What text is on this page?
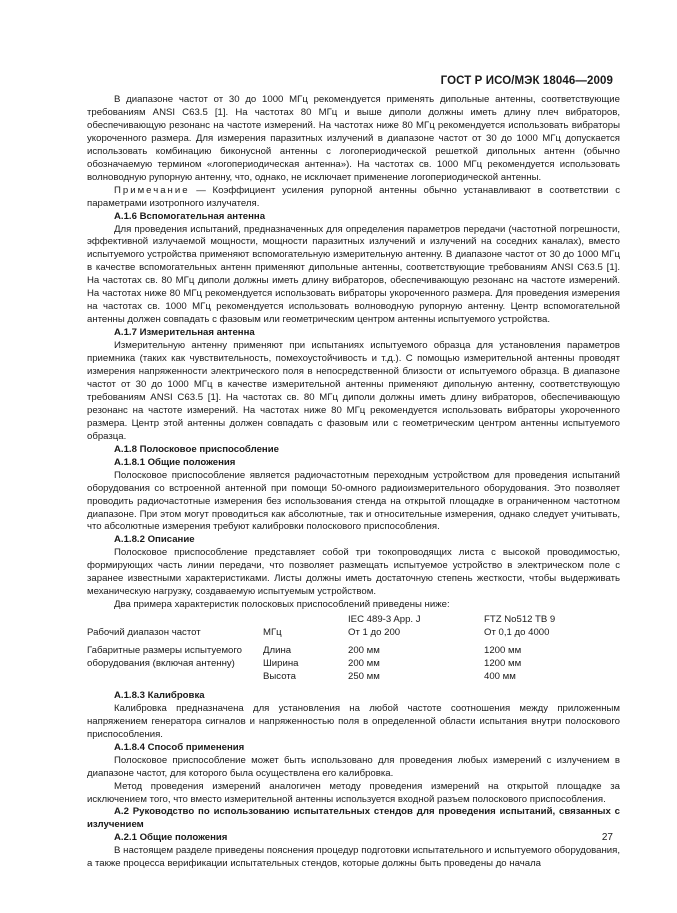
ГОСТ Р ИСО/МЭК 18046—2009

В диапазоне частот от 30 до 1000 МГц рекомендуется применять дипольные антенны, соответствующие требованиям ANSI C63.5 [1]. На частотах 80 МГц и выше диполи должны иметь длину плеч вибраторов, обеспечивающую резонанс на частоте измерений. На частотах ниже 80 МГц рекомендуется использовать вибраторы укороченного размера. Для измерения паразитных излучений в диапазоне частот от 30 до 1000 МГц допускается использовать комбинацию биконусной антенны с логопериодической решеткой дипольных антенн (обычно обозначаемую термином «логопериодическая антенна»). На частотах св. 1000 МГц рекомендуется использовать волноводную рупорную антенну, что, однако, не исключает применение логопериодической антенны.

Примечание — Коэффициент усиления рупорной антенны обычно устанавливают в соответствии с параметрами изотропного излучателя.

А.1.6 Вспомогательная антенна

Для проведения испытаний, предназначенных для определения параметров передачи (частотной погрешности, эффективной излучаемой мощности, мощности паразитных излучений и излучений на соседних каналах), вместо испытуемого устройства применяют вспомогательную измерительную антенну. В диапазоне частот от 30 до 1000 МГц в качестве вспомогательных антенн применяют дипольные антенны, соответствующие требованиям ANSI C63.5 [1]. На частотах св. 80 МГц диполи должны иметь длину вибраторов, обеспечивающую резонанс на частоте измерений. На частотах ниже 80 МГц рекомендуется использовать вибраторы укороченного размера. Для проведения измерения на частотах св. 1000 МГц рекомендуется использовать волноводную рупорную антенну. Центр вспомогательной антенны должен совпадать с фазовым или геометрическим центром антенны испытуемого устройства.

А.1.7 Измерительная антенна

Измерительную антенну применяют при испытаниях испытуемого образца для установления параметров приемника (таких как чувствительность, помехоустойчивость и т.д.). С помощью измерительной антенны проводят измерения напряженности электрического поля в непосредственной близости от испытуемого образца. В диапазоне частот от 30 до 1000 МГц в качестве измерительной антенны применяют дипольную антенну, соответствующую требованиям ANSI C63.5 [1]. На частотах св. 80 МГц диполи должны иметь длину вибраторов, обеспечивающую резонанс на частоте измерений. На частотах ниже 80 МГц рекомендуется использовать вибраторы укороченного размера. Центр этой антенны должен совпадать с фазовым или с геометрическим центром антенны испытуемого образца.

А.1.8 Полосковое приспособление

А.1.8.1 Общие положения

Полосковое приспособление является радиочастотным переходным устройством для проведения испытаний оборудования со встроенной антенной при помощи 50-омного радиоизмерительного оборудования. Это позволяет проводить радиочастотные измерения без использования стенда на открытой площадке в ограниченном частотном диапазоне. При этом могут проводиться как абсолютные, так и относительные измерения, однако следует учитывать, что абсолютные измерения требуют калибровки полоскового приспособления.

А.1.8.2 Описание

Полосковое приспособление представляет собой три токопроводящих листа с высокой проводимостью, формирующих часть линии передачи, что позволяет размещать испытуемое устройство в электрическом поле с заранее известными характеристиками. Листы должны иметь достаточную степень жесткости, чтобы выдерживать механическую нагрузку, создаваемую испытуемым устройством.

Два примера характеристик полосковых приспособлений приведены ниже:

		IEC 489-3 App. J	FTZ No512 TB 9
Рабочий диапазон частот	МГц	От 1 до 200	От 0,1 до 4000

Габаритные размеры испытуемого оборудования (включая антенну)	Длина	200 мм	1200 мм
	Ширина	200 мм	1200 мм
	Высота	250 мм	400 мм

А.1.8.3 Калибровка

Калибровка предназначена для установления на любой частоте соотношения между приложенным напряжением генератора сигналов и напряженностью поля в определенной области испытания внутри полоскового приспособления.

А.1.8.4 Способ применения

Полосковое приспособление может быть использовано для проведения любых измерений с излучением в диапазоне частот, для которого была осуществлена его калибровка.

Метод проведения измерений аналогичен методу проведения измерений на открытой площадке за исключением того, что вместо измерительной антенны используется входной разъем полоскового приспособления.

А.2 Руководство по использованию испытательных стендов для проведения испытаний, связанных с излучением

А.2.1 Общие положения

В настоящем разделе приведены пояснения процедур подготовки испытательного и испытуемого оборудования, а также процесса верификации испытательных стендов, которые должны быть проведены до начала

27
